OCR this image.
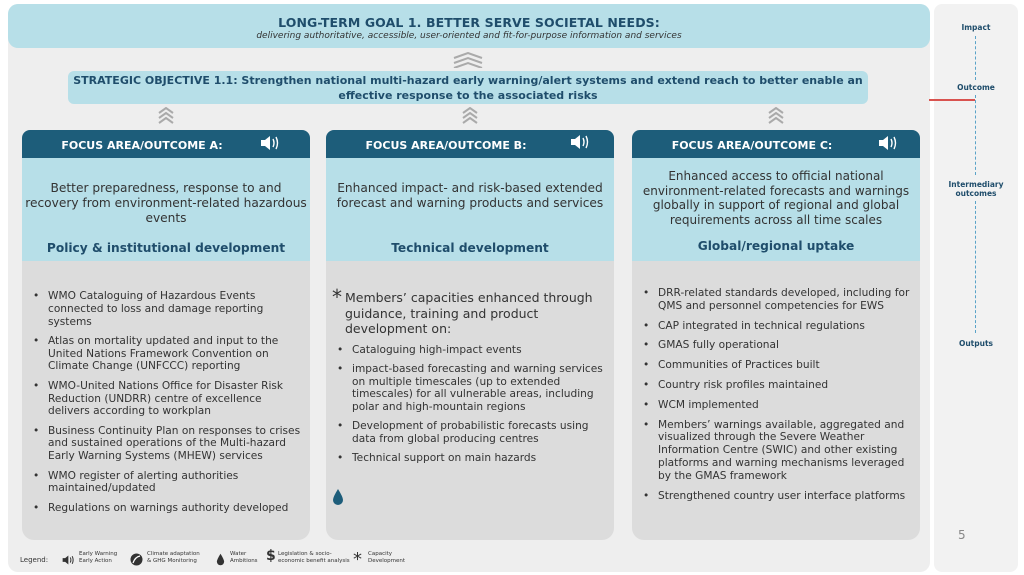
LONG-TERM GOAL 1. BETTER SERVE SOCIETAL NEEDS:
delivering authoritative, accessible, user-oriented and fit-for-purpose information and services
STRATEGIC OBJECTIVE 1.1: Strengthen national multi-hazard early warning/alert systems and extend reach to better enable an effective response to the associated risks
FOCUS AREA/OUTCOME A:
Better preparedness, response to and recovery from environment-related hazardous events
Policy & institutional development
• WMO Cataloguing of Hazardous Events connected to loss and damage reporting systems
• Atlas on mortality updated and input to the United Nations Framework Convention on Climate Change (UNFCCC) reporting
• WMO-United Nations Office for Disaster Risk Reduction (UNDRR) centre of excellence delivers according to workplan
• Business Continuity Plan on responses to crises and sustained operations of the Multi-hazard Early Warning Systems (MHEW) services
• WMO register of alerting authorities maintained/updated
• Regulations on warnings authority developed
FOCUS AREA/OUTCOME B:
Enhanced impact- and risk-based extended forecast and warning products and services
Technical development
* Members’ capacities enhanced through guidance, training and product development on:
• Cataloguing high-impact events
• impact-based forecasting and warning services on multiple timescales (up to extended timescales) for all vulnerable areas, including polar and high-mountain regions
• Development of probabilistic forecasts using data from global producing centres
• Technical support on main hazards
FOCUS AREA/OUTCOME C:
Enhanced access to official national environment-related forecasts and warnings globally in support of regional and global requirements across all time scales
Global/regional uptake
• DRR-related standards developed, including for QMS and personnel competencies for EWS
• CAP integrated in technical regulations
• GMAS fully operational
• Communities of Practices built
• Country risk profiles maintained
• WCM implemented
• Members’ warnings available, aggregated and visualized through the Severe Weather Information Centre (SWIC) and other existing platforms and warning mechanisms leveraged by the GMAS framework
• Strengthened country user interface platforms
Impact
Outcome
Intermediary outcomes
Outputs
5
Legend:
Early Warning Early Action
Climate adaptation & GHG Monitoring
Water Ambitions $ Legislation & socio-economic benefit analysis * Capacity Development
